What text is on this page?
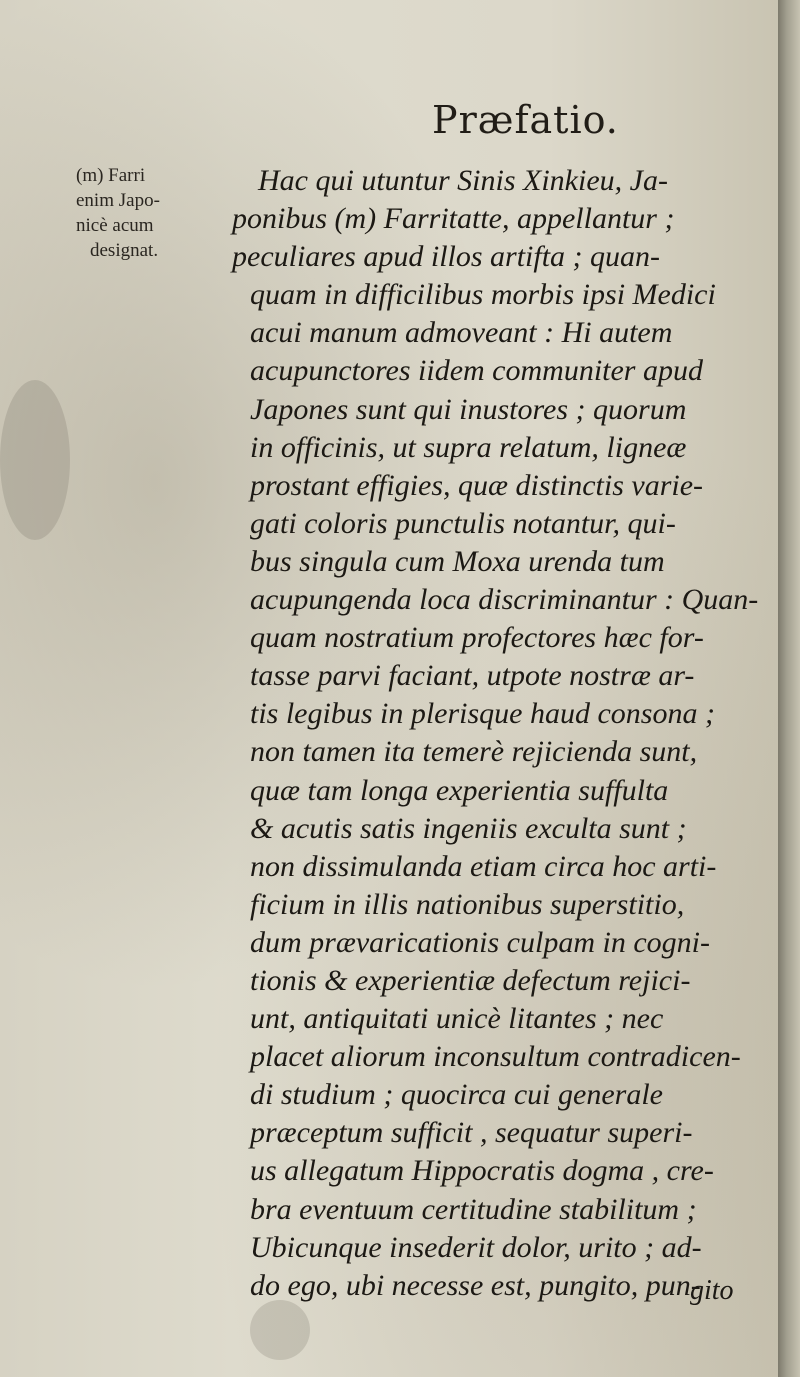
Præfatio.
(m) Farri
enim Japo-
nicè acum
designat.
Hac qui utuntur Sinis Xinkieu, Ja-
ponibus (m) Farritatte, appellantur ;
peculiares apud illos artifta ; quan-
quam in difficilibus morbis ipsi Medici
acui manum admoveant : Hi autem
acupunctores iidem communiter apud
Japones sunt qui inustores ; quorum
in officinis, ut supra relatum, ligneæ
prostant effigies, quæ distinctis varie-
gati coloris punctulis notantur, qui-
bus singula cum Moxa urenda tum
acupungenda loca discriminantur : Quan-
quam nostratium profectores hæc for-
tasse parvi faciant, utpote nostræ ar-
tis legibus in plerisque haud consona ;
non tamen ita temerè rejicienda sunt,
quæ tam longa experientia suffulta
& acutis satis ingeniis exculta sunt ;
non dissimulanda etiam circa hoc arti-
ficium in illis nationibus superstitio,
dum prævaricationis culpam in cogni-
tionis & experientiæ defectum rejici-
unt, antiquitati unicè litantes ; nec
placet aliorum inconsultum contradicen-
di studium ; quocirca cui generale
præceptum sufficit , sequatur superi-
us allegatum Hippocratis dogma , cre-
bra eventuum certitudine stabilitum ;
Ubicunque insederit dolor, urito ; ad-
do ego, ubi necesse est, pungito, pun-
gito
